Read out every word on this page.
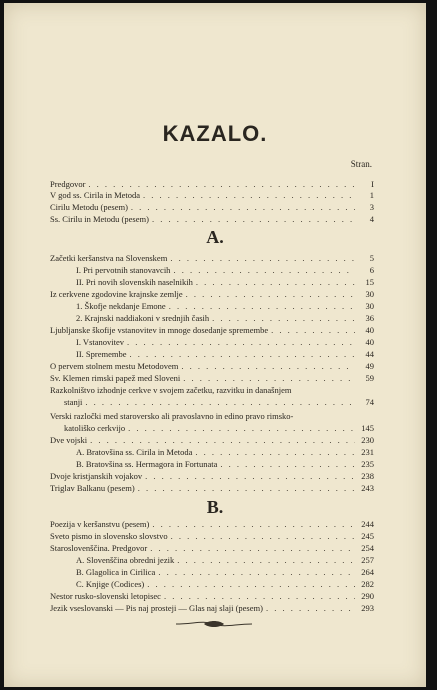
KAZALO.
Stran.
Predgovor . . .	I
V god ss. Cirila in Metoda . . .	1
Cirilu Metodu (pesem) . . .	3
Ss. Cirilu in Metodu (pesem) . . .	4
A.
Začetki keršanstva na Slovenskem . . .	5
I. Pri pervotnih stanovavcih . . .	6
II. Pri novih slovenskih naselnikih . . .	15
Iz cerkvene zgodovine krajnske zemlje . . .	30
1. Škofje nekdanje Emone . . .	30
2. Krajnski naddiakoni v srednjih časih . . .	36
Ljubljanske škofije vstanovitev in mnoge dosedanje spremembe . . .	40
I. Vstanovitev . . .	40
II. Spremembe . . .	44
O pervem stolnem mestu Metodovem . . .	49
Sv. Klemen rimski papež med Sloveni . . .	59
Razkolništvo izhodnje cerkve v svojem začetku, razvitku in današnjem
stanji . . .	74
Verski razločki med staroversko ali pravoslavno in edino pravo rimsko-
katoliško cerkvijo . . .	145
Dve vojski . . .	230
A. Bratovšina ss. Cirila in Metoda . . .	231
B. Bratovšina ss. Hermagora in Fortunata . . .	235
Dvoje kristjanskih vojakov . . .	238
Triglav Balkanu (pesem) . . .	243
B.
Poezija v keršanstvu (pesem) . . .	244
Sveto pismo in slovensko slovstvo . . .	245
Staroslovenščina. Predgovor . . .	254
A. Slovenščina obredni jezik . . .	257
B. Glagolica in Cirilica . . .	264
C. Knjige (Codices) . . .	282
Nestor rusko-slovenski letopisec . . .	290
Jezik vseslovanski — Pis naj prosteji — Glas naj slaji (pesem) . . .	293
